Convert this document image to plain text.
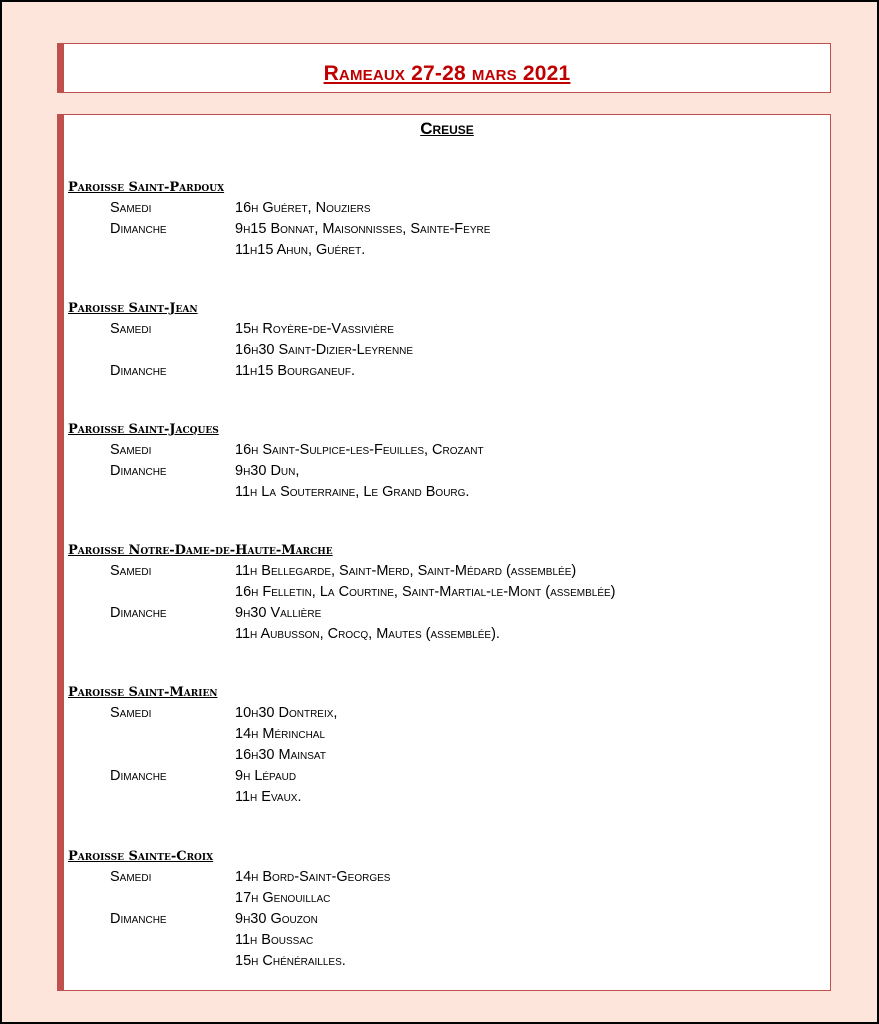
Rameaux 27-28 mars 2021
Creuse
Paroisse Saint-Pardoux
Samedi	16h Guéret, Nouziers
Dimanche	9h15 Bonnat, Maisonnisses, Sainte-Feyre
11h15 Ahun, Guéret.
Paroisse Saint-Jean
Samedi	15h Royère-de-Vassivière
16h30 Saint-Dizier-Leyrenne
Dimanche	11h15 Bourganeuf.
Paroisse Saint-Jacques
Samedi	16h Saint-Sulpice-les-Feuilles, Crozant
Dimanche	9h30 Dun,
11h La Souterraine, Le Grand Bourg.
Paroisse Notre-Dame-de-Haute-Marche
Samedi	11h Bellegarde, Saint-Merd, Saint-Médard (assemblée)
16h Felletin, La Courtine, Saint-Martial-le-Mont (assemblée)
Dimanche	9h30 Vallière
11h Aubusson, Crocq, Mautes (assemblée).
Paroisse Saint-Marien
Samedi	10h30 Dontreix,
14h Mérinchal
16h30 Mainsat
Dimanche	9h Lépaud
11h Evaux.
Paroisse Sainte-Croix
Samedi	14h Bord-Saint-Georges
17h Genouillac
Dimanche	9h30 Gouzon
11h Boussac
15h Chénérailles.
